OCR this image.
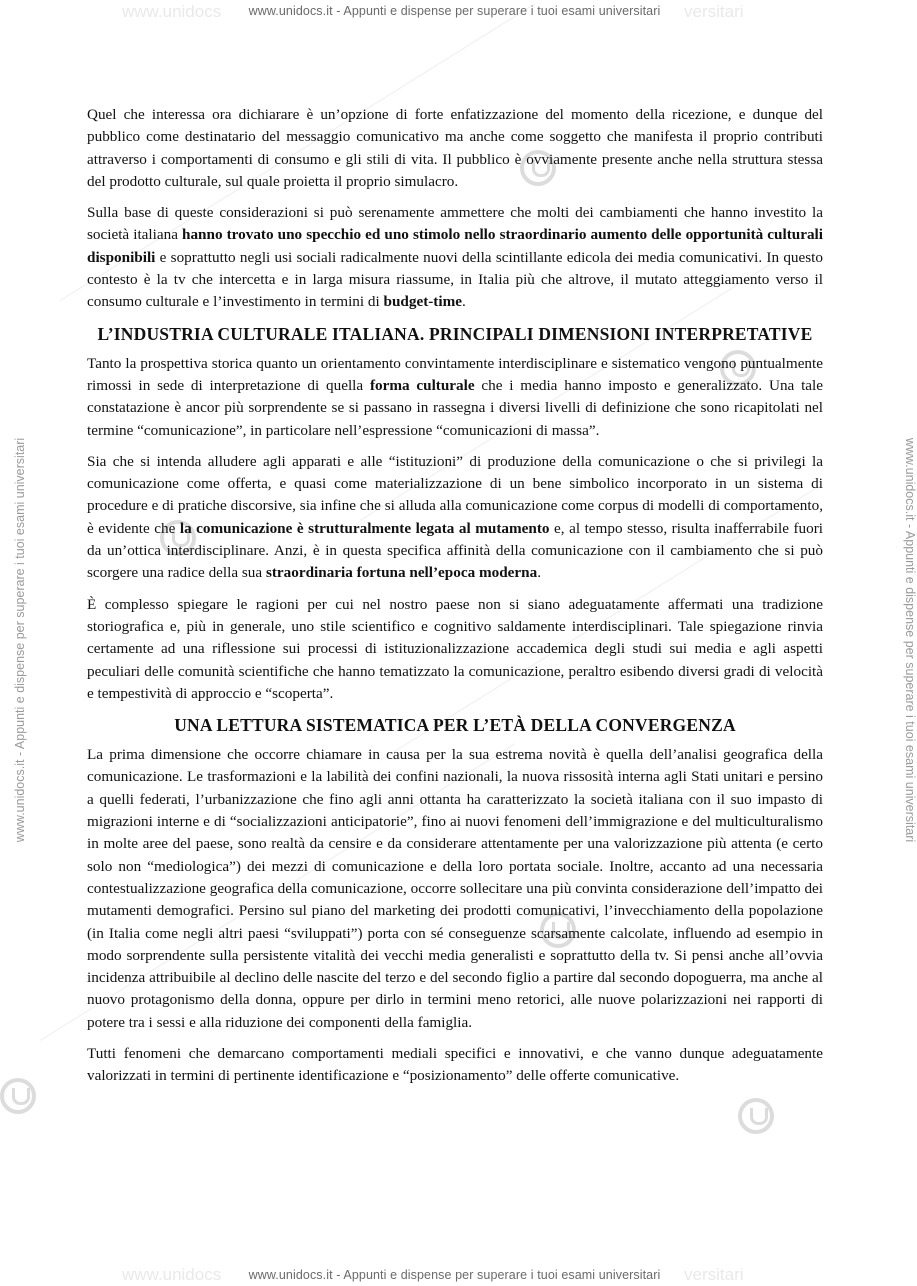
www.unidocs	versitari
www.unidocs	versitari
www.unidocs.it - Appunti e dispense per superare i tuoi esami universitari
www.unidocs.it - Appunti e dispense per superare i tuoi esami universitari
www.unidocs.it - Appunti e dispense per superare i tuoi esami universitari	www.unidocs.it - Appunti e dispense per superare i tuoi esami universitari

Quel che interessa ora dichiarare è un’opzione di forte enfatizzazione del momento della ricezione, e dunque del pubblico come destinatario del messaggio comunicativo ma anche come soggetto che manifesta il proprio contributi attraverso i comportamenti di consumo e gli stili di vita. Il pubblico è ovviamente presente anche nella struttura stessa del prodotto culturale, sul quale proietta il proprio simulacro.

Sulla base di queste considerazioni si può serenamente ammettere che molti dei cambiamenti che hanno investito la società italiana hanno trovato uno specchio ed uno stimolo nello straordinario aumento delle opportunità culturali disponibili e soprattutto negli usi sociali radicalmente nuovi della scintillante edicola dei media comunicativi. In questo contesto è la tv che intercetta e in larga misura riassume, in Italia più che altrove, il mutato atteggiamento verso il consumo culturale e l’investimento in termini di budget-time.

L’INDUSTRIA CULTURALE ITALIANA. PRINCIPALI DIMENSIONI INTERPRETATIVE

Tanto la prospettiva storica quanto un orientamento convintamente interdisciplinare e sistematico vengono puntualmente rimossi in sede di interpretazione di quella forma culturale che i media hanno imposto e generalizzato. Una tale constatazione è ancor più sorprendente se si passano in rassegna i diversi livelli di definizione che sono ricapitolati nel termine “comunicazione”, in particolare nell’espressione “comunicazioni di massa”.

Sia che si intenda alludere agli apparati e alle “istituzioni” di produzione della comunicazione o che si privilegi la comunicazione come offerta, e quasi come materializzazione di un bene simbolico incorporato in un sistema di procedure e di pratiche discorsive, sia infine che si alluda alla comunicazione come corpus di modelli di comportamento, è evidente che la comunicazione è strutturalmente legata al mutamento e, al tempo stesso, risulta inafferrabile fuori da un’ottica interdisciplinare. Anzi, è in questa specifica affinità della comunicazione con il cambiamento che si può scorgere una radice della sua straordinaria fortuna nell’epoca moderna.

È complesso spiegare le ragioni per cui nel nostro paese non si siano adeguatamente affermati una tradizione storiografica e, più in generale, uno stile scientifico e cognitivo saldamente interdisciplinari. Tale spiegazione rinvia certamente ad una riflessione sui processi di istituzionalizzazione accademica degli studi sui media e agli aspetti peculiari delle comunità scientifiche che hanno tematizzato la comunicazione, peraltro esibendo diversi gradi di velocità e tempestività di approccio e “scoperta”.

UNA LETTURA SISTEMATICA PER L’ETÀ DELLA CONVERGENZA

La prima dimensione che occorre chiamare in causa per la sua estrema novità è quella dell’analisi geografica della comunicazione. Le trasformazioni e la labilità dei confini nazionali, la nuova rissosità interna agli Stati unitari e persino a quelli federati, l’urbanizzazione che fino agli anni ottanta ha caratterizzato la società italiana con il suo impasto di migrazioni interne e di “socializzazioni anticipatorie”, fino ai nuovi fenomeni dell’immigrazione e del multiculturalismo in molte aree del paese, sono realtà da censire e da considerare attentamente per una valorizzazione più attenta (e certo solo non “mediologica”) dei mezzi di comunicazione e della loro portata sociale. Inoltre, accanto ad una necessaria contestualizzazione geografica della comunicazione, occorre sollecitare una più convinta considerazione dell’impatto dei mutamenti demografici. Persino sul piano del marketing dei prodotti comunicativi, l’invecchiamento della popolazione (in Italia come negli altri paesi “sviluppati”) porta con sé conseguenze scarsamente calcolate, influendo ad esempio in modo sorprendente sulla persistente vitalità dei vecchi media generalisti e soprattutto della tv. Si pensi anche all’ovvia incidenza attribuibile al declino delle nascite del terzo e del secondo figlio a partire dal secondo dopoguerra, ma anche al nuovo protagonismo della donna, oppure per dirlo in termini meno retorici, alle nuove polarizzazioni nei rapporti di potere tra i sessi e alla riduzione dei componenti della famiglia.

Tutti fenomeni che demarcano comportamenti mediali specifici e innovativi, e che vanno dunque adeguatamente valorizzati in termini di pertinente identificazione e “posizionamento” delle offerte comunicative.
